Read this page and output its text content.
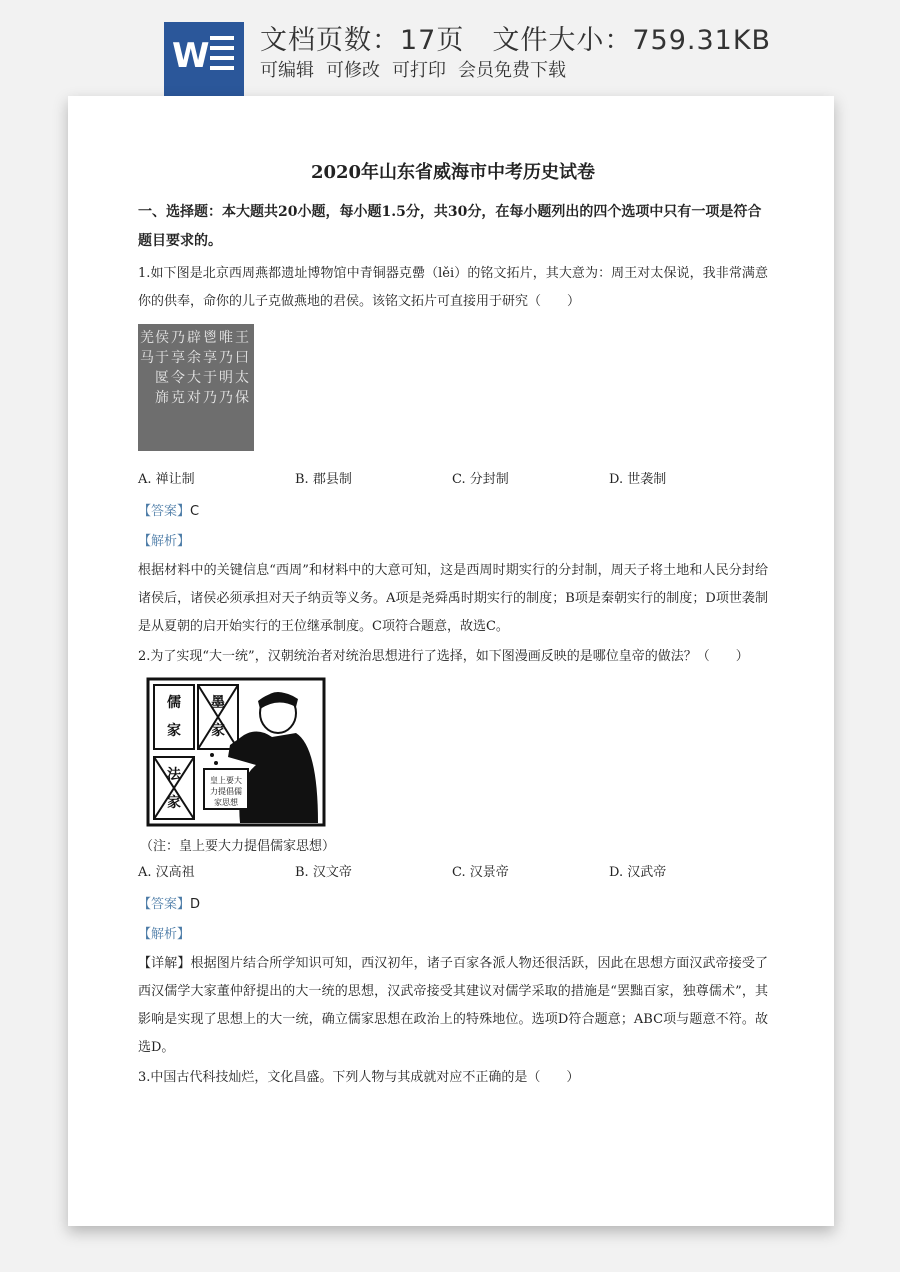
W 文档页数：17页 文件大小：759.31KB
可编辑 可修改 可打印 会员免费下载
2020年山东省威海市中考历史试卷

一、选择题：本大题共20小题，每小题1.5分，共30分，在每小题列出的四个选项中只有一项是符合题目要求的。

1.如下图是北京西周燕都遗址博物馆中青铜器克罍（lěi）的铭文拓片，其大意为：周王对太保说，我非常满意你的供奉，命你的儿子克做燕地的君侯。该铭文拓片可直接用于研究（　　）

王曰太保
唯乃明乃
鬯享于乃
辟余大对
乃享令克
侯于匽旆
羌马
A. 禅让制	B. 郡县制	C. 分封制	D. 世袭制

【答案】C

【解析】

根据材料中的关键信息“西周”和材料中的大意可知，这是西周时期实行的分封制，周天子将土地和人民分封给诸侯后，诸侯必须承担对天子纳贡等义务。A项是尧舜禹时期实行的制度；B项是秦朝实行的制度；D项世袭制是从夏朝的启开始实行的王位继承制度。C项符合题意，故选C。

2.为了实现“大一统”，汉朝统治者对统治思想进行了选择，如下图漫画反映的是哪位皇帝的做法？（　　）

儒
家
墨
家
法
家
皇上要大
力提倡儒
家思想

（注：皇上要大力提倡儒家思想）

A. 汉高祖	B. 汉文帝	C. 汉景帝	D. 汉武帝

【答案】D

【解析】

【详解】根据图片结合所学知识可知，西汉初年，诸子百家各派人物还很活跃，因此在思想方面汉武帝接受了西汉儒学大家董仲舒提出的大一统的思想，汉武帝接受其建议对儒学采取的措施是“罢黜百家，独尊儒术”，其影响是实现了思想上的大一统，确立儒家思想在政治上的特殊地位。选项D符合题意；ABC项与题意不符。故选D。

3.中国古代科技灿烂，文化昌盛。下列人物与其成就对应不正确的是（　　）
